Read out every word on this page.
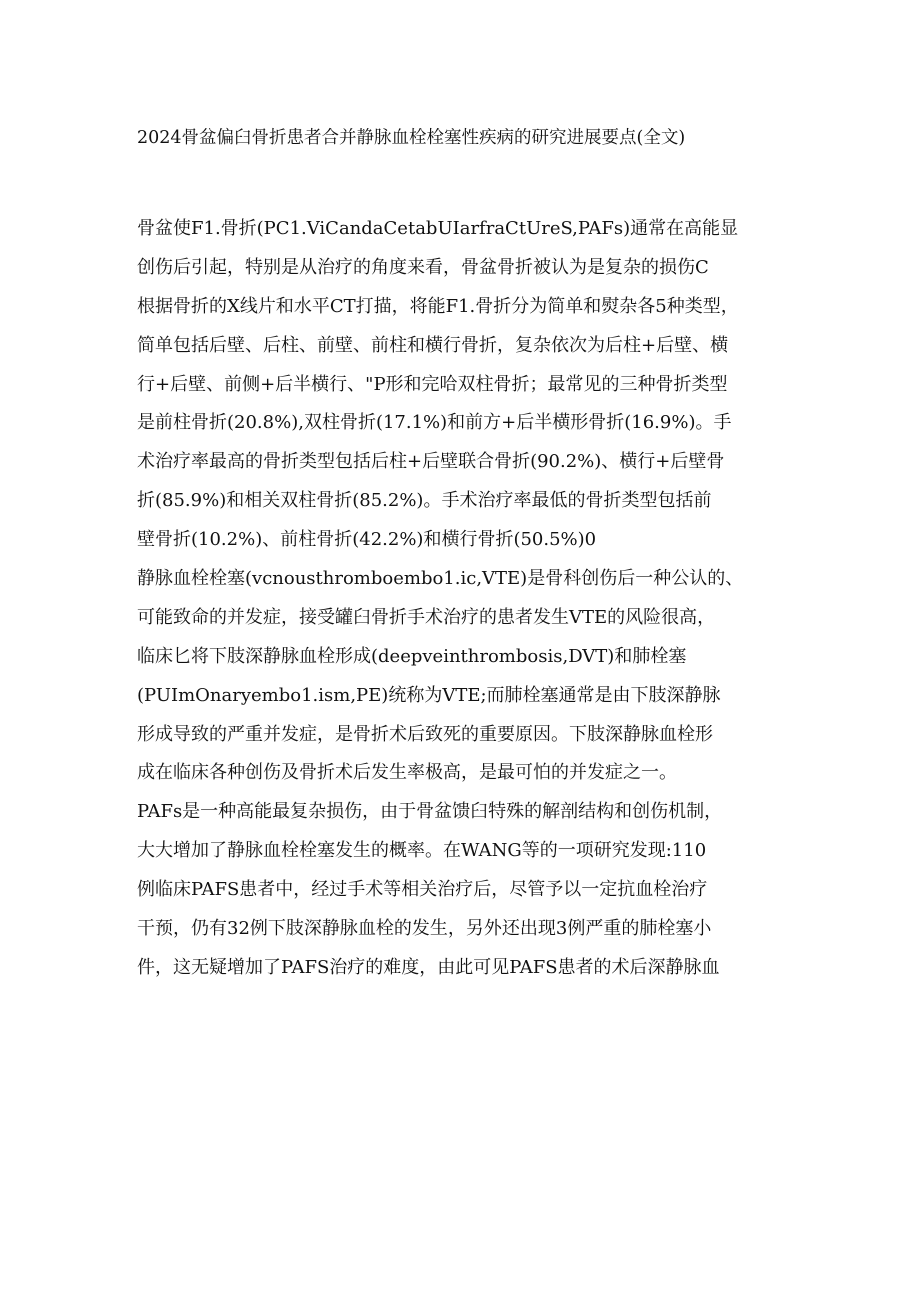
2024骨盆偏臼骨折患者合并静脉血栓栓塞性疾病的研究进展要点(全文)

骨盆使F1.骨折(PC1.ViCandaCetabUIarfraCtUreS,PAFs)通常在高能显
创伤后引起，特别是从治疗的角度来看，骨盆骨折被认为是复杂的损伤C
根据骨折的X线片和水平CT打描，将能F1.骨折分为简单和熨杂各5种类型，
简单包括后壁、后柱、前壁、前柱和横行骨折，复杂依次为后柱+后壁、横
行+后壁、前侧+后半横行、"P形和完哈双柱骨折；最常见的三种骨折类型
是前柱骨折(20.8%),双柱骨折(17.1%)和前方+后半横形骨折(16.9%)。手
术治疗率最高的骨折类型包括后柱+后壁联合骨折(90.2%)、横行+后壁骨
折(85.9%)和相关双柱骨折(85.2%)。手术治疗率最低的骨折类型包括前
壁骨折(10.2%)、前柱骨折(42.2%)和横行骨折(50.5%)0

静脉血栓栓塞(vcnousthromboembo1.ic,VTE)是骨科创伤后一种公认的、
可能致命的并发症，接受罐臼骨折手术治疗的患者发生VTE的风险很高，
临床匕将下肢深静脉血栓形成(deepveinthrombosis,DVT)和肺栓塞
(PUImOnaryembo1.ism,PE)统称为VTE;而肺栓塞通常是由下肢深静脉
形成导致的严重并发症，是骨折术后致死的重要原因。下肢深静脉血栓形
成在临床各种创伤及骨折术后发生率极高，是最可怕的并发症之一。

PAFs是一种高能最复杂损伤，由于骨盆馈臼特殊的解剖结构和创伤机制，
大大增加了静脉血栓栓塞发生的概率。在WANG等的一项研究发现:110
例临床PAFS患者中，经过手术等相关治疗后，尽管予以一定抗血栓治疗
干预，仍有32例下肢深静脉血栓的发生，另外还出现3例严重的肺栓塞小
件，这无疑增加了PAFS治疗的难度，由此可见PAFS患者的术后深静脉血
